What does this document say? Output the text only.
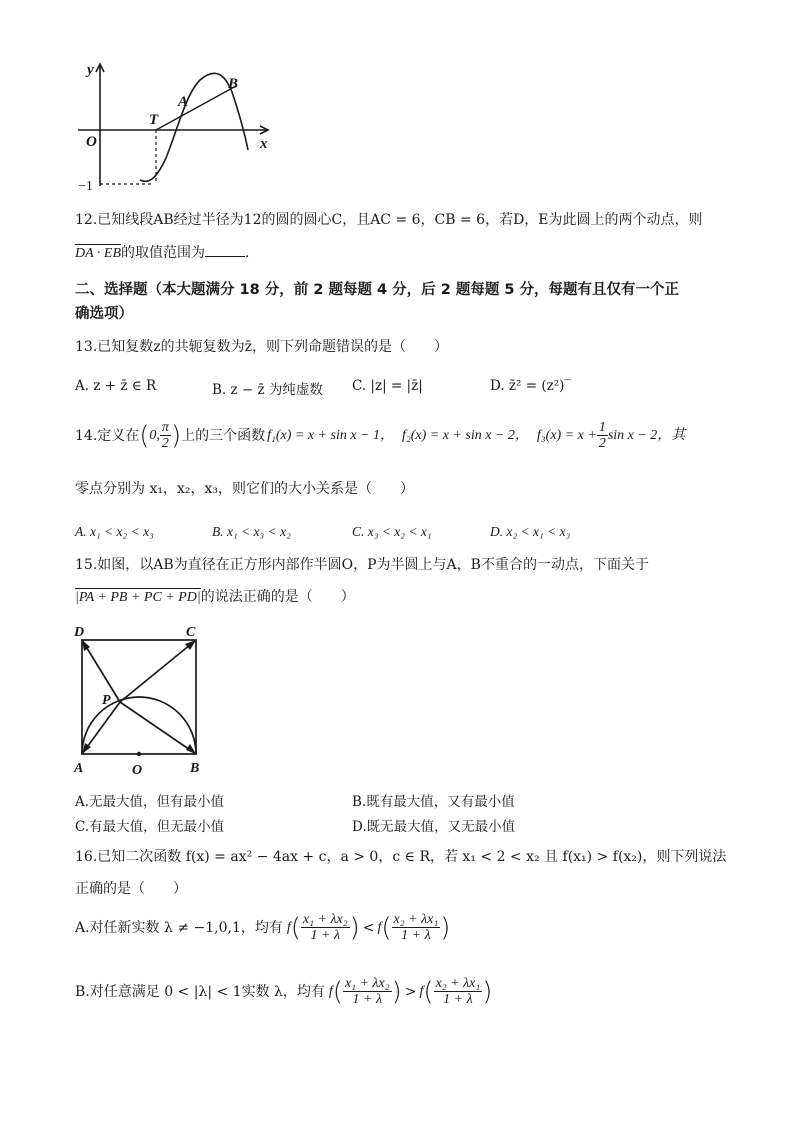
y
x
O
T
A
B
−1
12.已知线段AB经过半径为12的圆的圆心C，且AC = 6，CB = 6，若D，E为此圆上的两个动点，则
DA · EB的取值范围为	.
二、选择题（本大题满分 18 分，前 2 题每题 4 分，后 2 题每题 5 分，每题有且仅有一个正
确选项）
13.已知复数z的共轭复数为z̄，则下列命题错误的是（　　）
A. z + z̄ ∈ R	B. z − z̄ 为纯虚数 C. |z| = |z̄|	D. z̄² = (z²)‾
14.定义在 ( 0, $\frac{\pi}{2}$ ) 上的三个函数 f₁(x) = x + sin x − 1， f₂(x) = x + sin x − 2， $f_3(x) = x + \frac{1}{2}$ sin x − 2，其
零点分别为 x₁，x₂，x₃，则它们的大小关系是（　　）
A. x₁ < x₂ < x₃	B. x₁ < x₃ < x₂	C. x₃ < x₂ < x₁	D. x₂ < x₁ < x₃
15.如图，以AB为直径在正方形内部作半圆O，P为半圆上与A，B不重合的一动点，下面关于
|PA + PB + PC + PD|的说法正确的是（　　）
D	C
P
A	O	B
A.无最大值，但有最小值	B.既有最大值，又有最小值
C.有最大值，但无最小值	D.既无最大值，又无最小值
16.已知二次函数 f(x) = ax² − 4ax + c，a > 0，c ∈ R，若 x₁ < 2 < x₂ 且 f(x₁) > f(x₂)，则下列说法
正确的是（　　）
A.对任新实数 λ ≠ −1,0,1，均有 f ( $\frac{\text{x₁ + λx₂}}{1 + \lambda}$ ) < f ( $\frac{\text{x₂ + λx₁}}{1 + \lambda}$ )
B.对任意满足 0 < |λ| < 1实数 λ，均有 f ( $\frac{\text{x₁ + λx₂}}{1 + \lambda}$ ) > f ( $\frac{\text{x₂ + λx₁}}{1 + \lambda}$ )
